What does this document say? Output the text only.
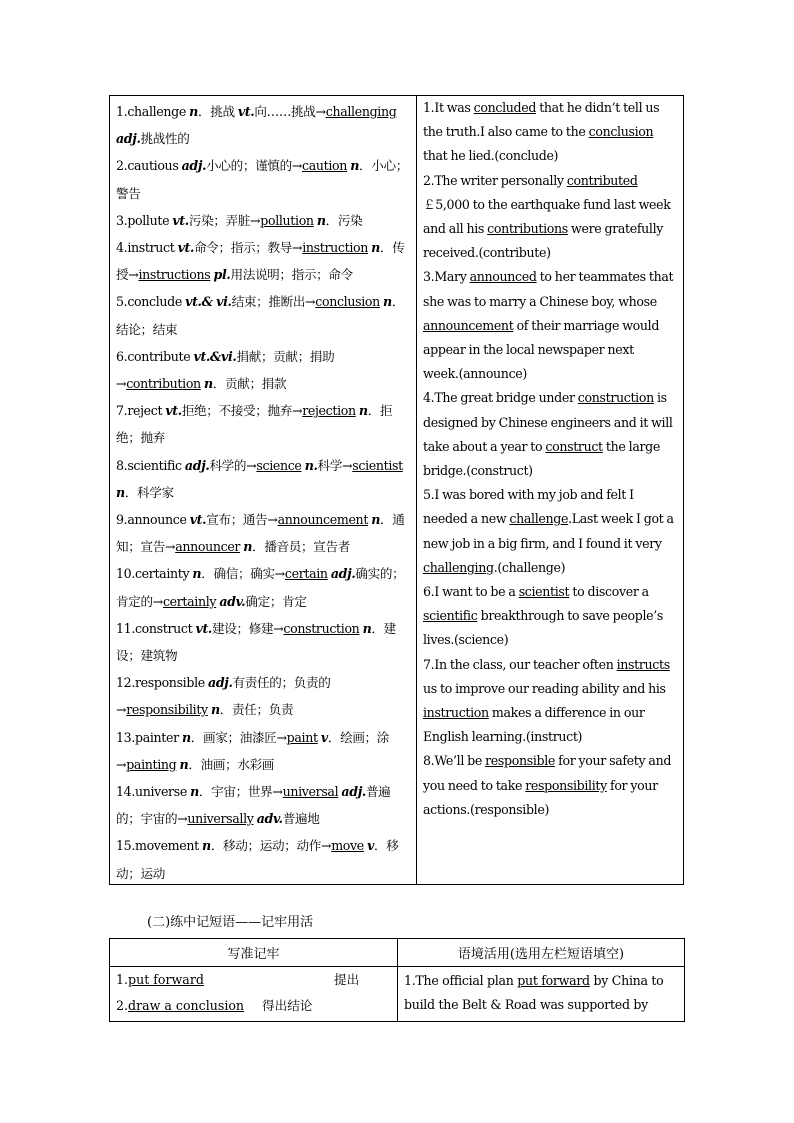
1.challenge n．挑战 vt.向……挑战→challenging adj.挑战性的
2.cautious adj.小心的；谨慎的→caution n．小心；警告
3.pollute vt.污染；弄脏→pollution n．污染
4.instruct vt.命令；指示；教导→instruction n．传授→instructions pl.用法说明；指示；命令
5.conclude vt.& vi.结束；推断出→conclusion n．结论；结束
6.contribute vt.&vi.捐献；贡献；捐助→contribution n．贡献；捐款
7.reject vt.拒绝；不接受；抛弃→rejection n．拒绝；抛弃
8.scientific adj.科学的→science n.科学→scientist n．科学家
9.announce vt.宣布；通告→announcement n．通知；宣告→announcer n．播音员；宣告者
10.certainty n．确信；确实→certain adj.确实的；肯定的→certainly adv.确定；肯定
11.construct vt.建设；修建→construction n．建设；建筑物
12.responsible adj.有责任的；负责的→responsibility n．责任；负责
13.painter n．画家；油漆匠→paint v．绘画；涂→painting n．油画；水彩画
14.universe n．宇宙；世界→universal adj.普遍的；宇宙的→universally adv.普遍地
15.movement n．移动；运动；动作→move v．移动；运动
1.It was concluded that he didn’t tell us
the truth.I also came to the conclusion
that he lied.(conclude)
2.The writer personally contributed
￡5,000 to the earthquake fund last week
and all his contributions were gratefully
received.(contribute)
3.Mary announced to her teammates that
she was to marry a Chinese boy, whose
announcement of their marriage would
appear in the local newspaper next
week.(announce)
4.The great bridge under construction is
designed by Chinese engineers and it will
take about a year to construct the large
bridge.(construct)
5.I was bored with my job and felt I
needed a new challenge.Last week I got a
new job in a big firm, and I found it very
challenging.(challenge)
6.I want to be a scientist to discover a
scientific breakthrough to save people’s
lives.(science)
7.In the class, our teacher often instructs
us to improve our reading ability and his
instruction makes a difference in our
English learning.(instruct)
8.We’ll be responsible for your safety and
you need to take responsibility for your
actions.(responsible)
(二)练中记短语——记牢用活
写准记牢	语境活用(选用左栏短语填空)
1.put forward	提出
2.draw a conclusion 得出结论
1.The official plan put forward by China to
build the Belt & Road was supported by
